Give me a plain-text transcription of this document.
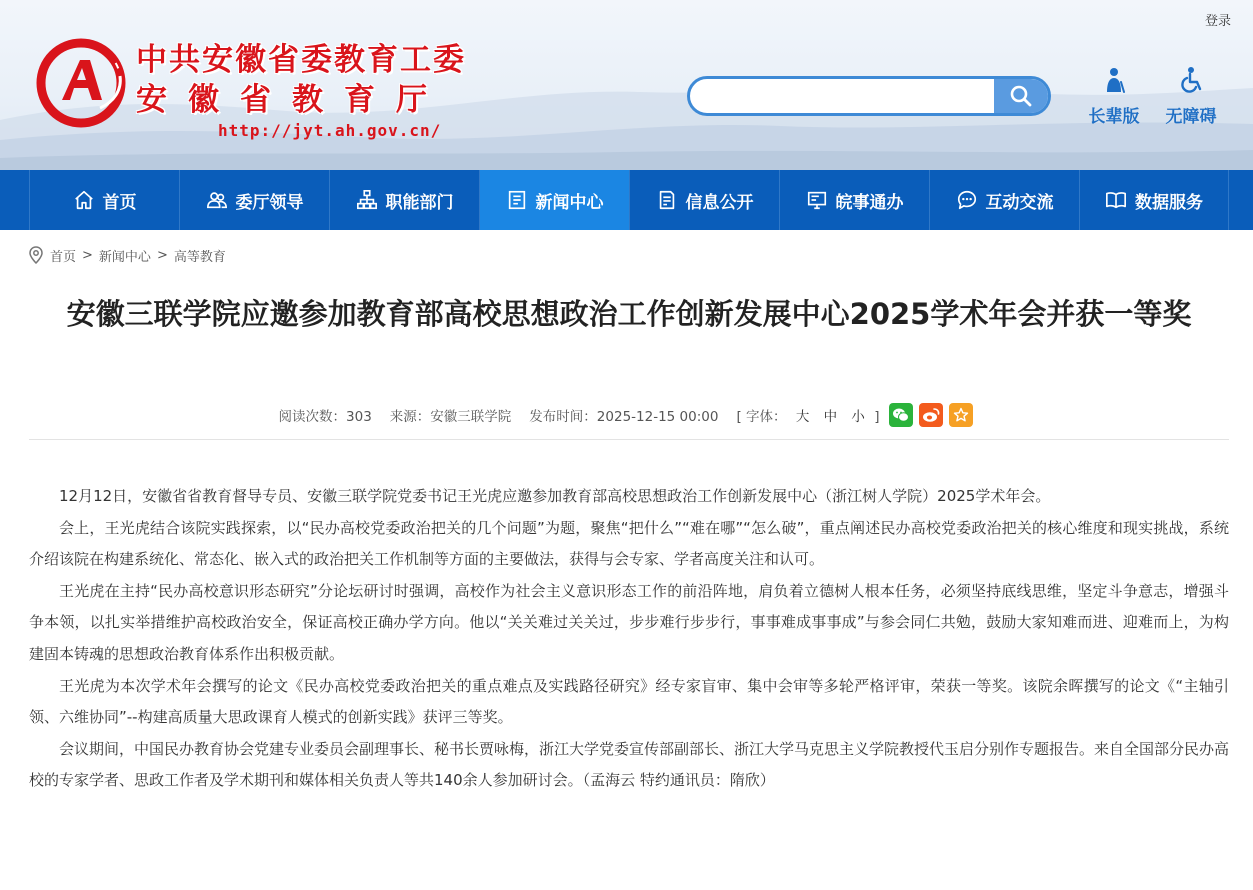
登录
中共安徽省委教育工委
安徽省教育厅
http://jyt.ah.gov.cn/
长辈版	无障碍
首页	委厅领导	职能部门	新闻中心	信息公开	皖事通办	互动交流	数据服务
首页 > 新闻中心 > 高等教育
安徽三联学院应邀参加教育部高校思想政治工作创新发展中心2025学术年会并获一等奖
阅读次数：303 来源：安徽三联学院 发布时间：2025-12-15 00:00 [ 字体： 大 中 小 ]

12月12日，安徽省省教育督导专员、安徽三联学院党委书记王光虎应邀参加教育部高校思想政治工作创新发展中心（浙江树人学院）2025学术年会。

会上，王光虎结合该院实践探索，以“民办高校党委政治把关的几个问题”为题，聚焦“把什么”“难在哪”“怎么破”，重点阐述民办高校党委政治把关的核心维度和现实挑战，系统介绍该院在构建系统化、常态化、嵌入式的政治把关工作机制等方面的主要做法，获得与会专家、学者高度关注和认可。

王光虎在主持“民办高校意识形态研究”分论坛研讨时强调，高校作为社会主义意识形态工作的前沿阵地，肩负着立德树人根本任务，必须坚持底线思维，坚定斗争意志，增强斗争本领，以扎实举措维护高校政治安全，保证高校正确办学方向。他以“关关难过关关过，步步难行步步行，事事难成事事成”与参会同仁共勉，鼓励大家知难而进、迎难而上，为构建固本铸魂的思想政治教育体系作出积极贡献。

王光虎为本次学术年会撰写的论文《民办高校党委政治把关的重点难点及实践路径研究》经专家盲审、集中会审等多轮严格评审，荣获一等奖。该院余晖撰写的论文《“主轴引领、六维协同”--构建高质量大思政课育人模式的创新实践》获评三等奖。

会议期间，中国民办教育协会党建专业委员会副理事长、秘书长贾咏梅，浙江大学党委宣传部副部长、浙江大学马克思主义学院教授代玉启分别作专题报告。来自全国部分民办高校的专家学者、思政工作者及学术期刊和媒体相关负责人等共140余人参加研讨会。（孟海云 特约通讯员：隋欣）
